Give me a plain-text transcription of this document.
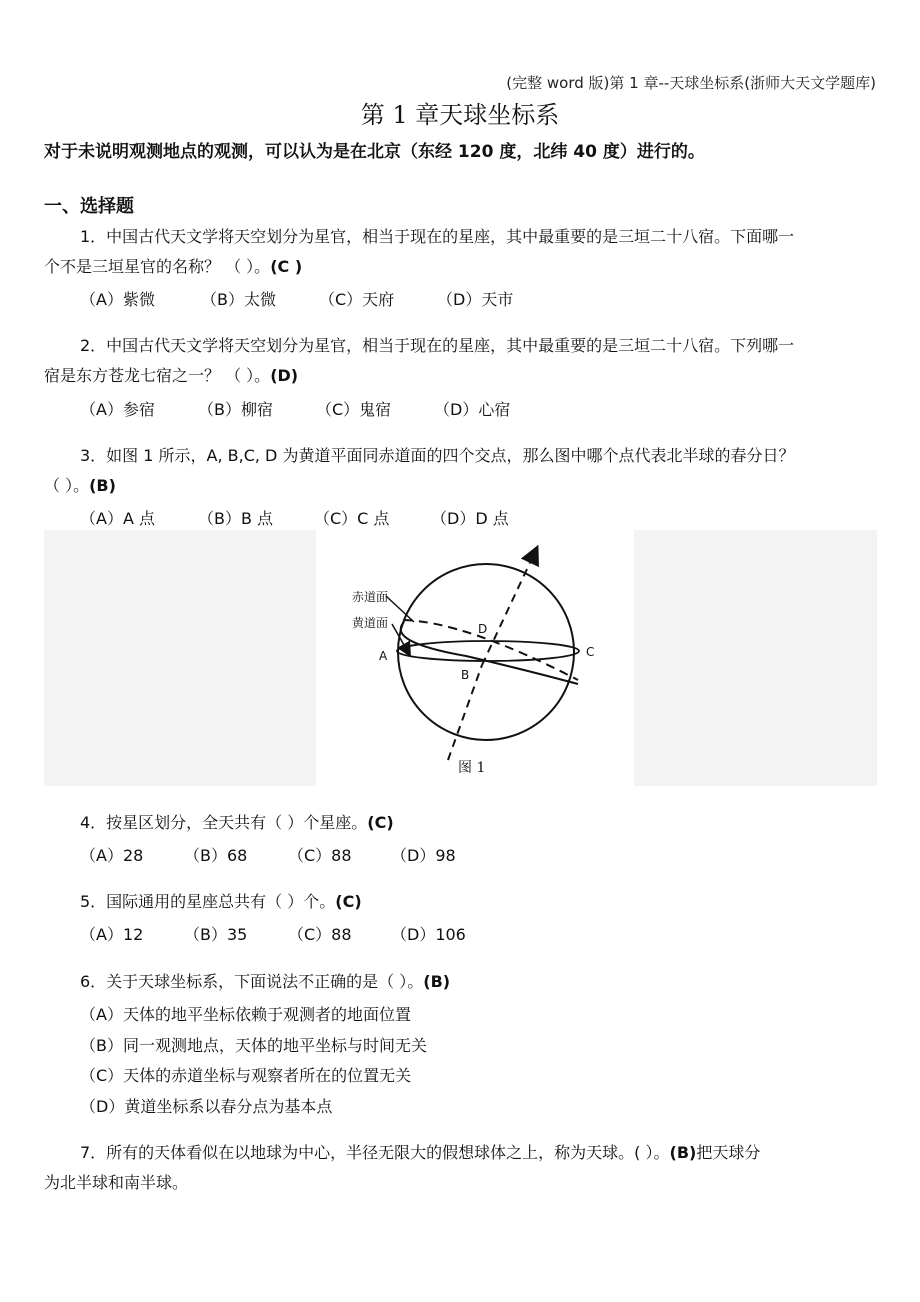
(完整 word 版)第 1 章--天球坐标系(浙师大天文学题库)
第 1 章天球坐标系
对于未说明观测地点的观测，可以认为是在北京（东经 120 度，北纬 40 度）进行的。
一、选择题
1．中国古代天文学将天空划分为星官，相当于现在的星座，其中最重要的是三垣二十八宿。下面哪一
个不是三垣星官的名称？ （ ）。(C )
（A）紫微	（B）太微	（C）天府	（D）天市
2．中国古代天文学将天空划分为星官，相当于现在的星座，其中最重要的是三垣二十八宿。下列哪一
宿是东方苍龙七宿之一？ （ ）。(D)
（A）参宿	（B）柳宿	（C）鬼宿	（D）心宿
3．如图 1 所示，A, B,C, D 为黄道平面同赤道面的四个交点，那么图中哪个点代表北半球的春分日？
（ ）。(B)
（A）A 点	（B）B 点	（C）C 点	（D）D 点
赤道面
黄道面
A
B
C
D
图 1
4．按星区划分，全天共有（ ）个星座。(C)
（A）28	（B）68	（C）88 （D）98
5．国际通用的星座总共有（ ）个。(C)
（A）12	（B）35	（C）88 （D）106
6．关于天球坐标系，下面说法不正确的是（ ）。(B)
（A）天体的地平坐标依赖于观测者的地面位置
（B）同一观测地点，天体的地平坐标与时间无关
（C）天体的赤道坐标与观察者所在的位置无关
（D）黄道坐标系以春分点为基本点
7．所有的天体看似在以地球为中心，半径无限大的假想球体之上，称为天球。( ）。(B)把天球分
为北半球和南半球。
